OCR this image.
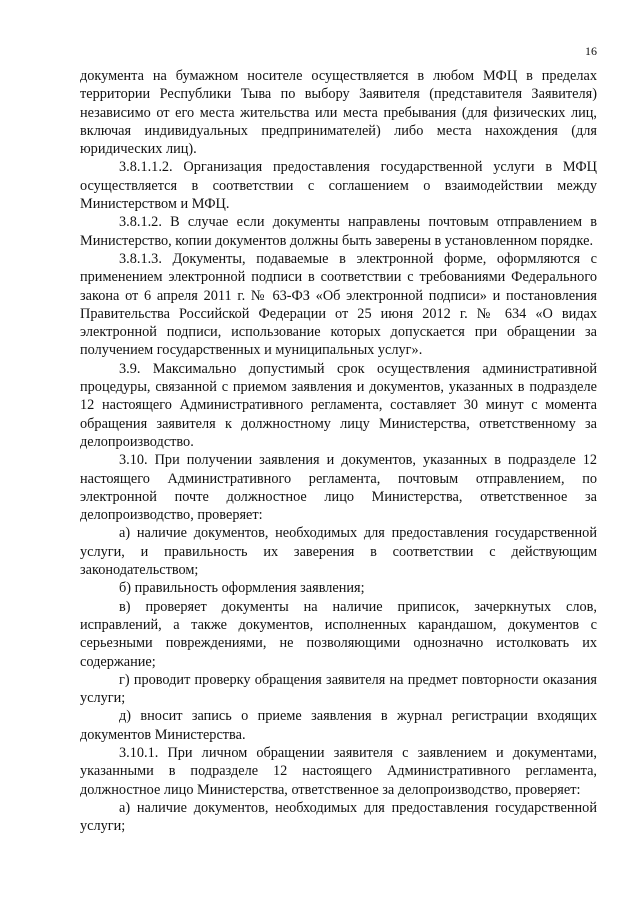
16

документа на бумажном носителе осуществляется в любом МФЦ в пределах территории Республики Тыва по выбору Заявителя (представителя Заявителя) независимо от его места жительства или места пребывания (для физических лиц, включая индивидуальных предпринимателей) либо места нахождения (для юридических лиц).

3.8.1.1.2. Организация предоставления государственной услуги в МФЦ осуществляется в соответствии с соглашением о взаимодействии между Министерством и МФЦ.

3.8.1.2. В случае если документы направлены почтовым отправлением в Министерство, копии документов должны быть заверены в установленном порядке.

3.8.1.3. Документы, подаваемые в электронной форме, оформляются с применением электронной подписи в соответствии с требованиями Федерального закона от 6 апреля 2011 г. № 63-ФЗ «Об электронной подписи» и постановления Правительства Российской Федерации от 25 июня 2012 г. № 634 «О видах электронной подписи, использование которых допускается при обращении за получением государственных и муниципальных услуг».

3.9. Максимально допустимый срок осуществления административной процедуры, связанной с приемом заявления и документов, указанных в подразделе 12 настоящего Административного регламента, составляет 30 минут с момента обращения заявителя к должностному лицу Министерства, ответственному за делопроизводство.

3.10. При получении заявления и документов, указанных в подразделе 12 настоящего Административного регламента, почтовым отправлением, по электронной почте должностное лицо Министерства, ответственное за делопроизводство, проверяет:

а) наличие документов, необходимых для предоставления государственной услуги, и правильность их заверения в соответствии с действующим законодательством;

б) правильность оформления заявления;

в) проверяет документы на наличие приписок, зачеркнутых слов, исправлений, а также документов, исполненных карандашом, документов с серьезными повреждениями, не позволяющими однозначно истолковать их содержание;

г) проводит проверку обращения заявителя на предмет повторности оказания услуги;

д) вносит запись о приеме заявления в журнал регистрации входящих документов Министерства.

3.10.1. При личном обращении заявителя с заявлением и документами, указанными в подразделе 12 настоящего Административного регламента, должностное лицо Министерства, ответственное за делопроизводство, проверяет:

а) наличие документов, необходимых для предоставления государственной услуги;
